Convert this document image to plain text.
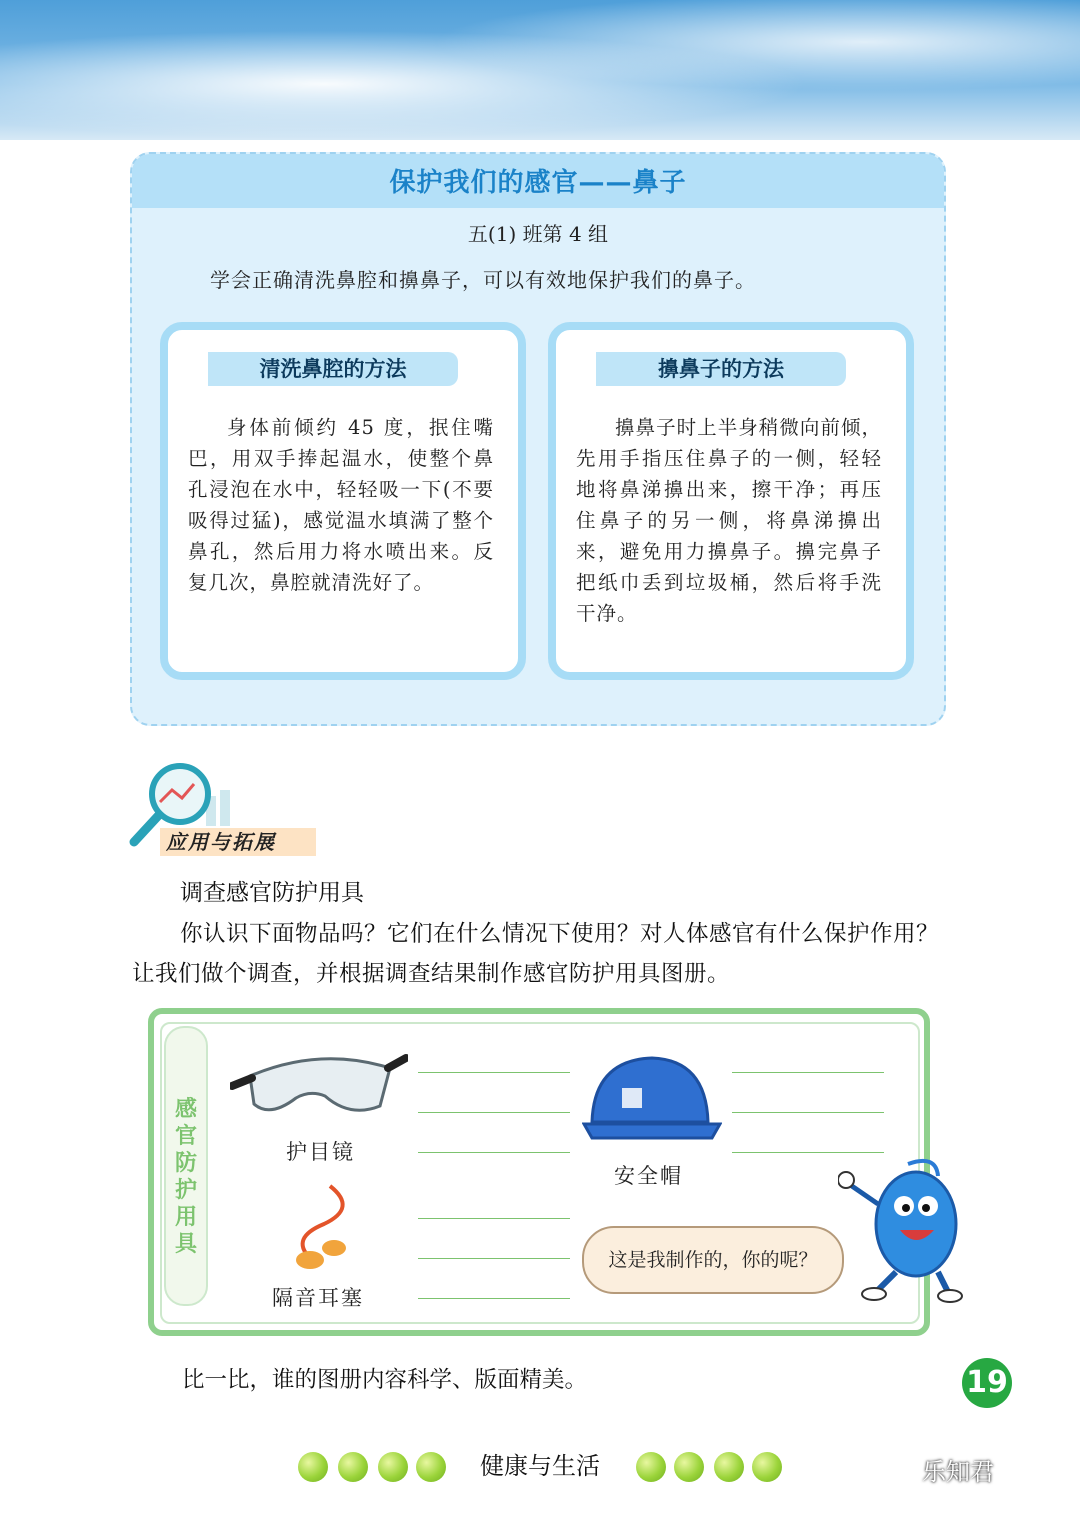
保护我们的感官——鼻子
五(1) 班第 4 组
学会正确清洗鼻腔和擤鼻子，可以有效地保护我们的鼻子。
清洗鼻腔的方法
身体前倾约 45 度，抿住嘴巴，用双手捧起温水，使整个鼻孔浸泡在水中，轻轻吸一下(不要吸得过猛)，感觉温水填满了整个鼻孔，然后用力将水喷出来。反复几次，鼻腔就清洗好了。
擤鼻子的方法
擤鼻子时上半身稍微向前倾，先用手指压住鼻子的一侧，轻轻地将鼻涕擤出来，擦干净；再压住鼻子的另一侧，将鼻涕擤出来，避免用力擤鼻子。擤完鼻子把纸巾丢到垃圾桶，然后将手洗干净。
应用与拓展
调查感官防护用具
你认识下面物品吗？它们在什么情况下使用？对人体感官有什么保护作用？让我们做个调查，并根据调查结果制作感官防护用具图册。
感官防护用具
护目镜
安全帽
隔音耳塞
这是我制作的，你的呢？
比一比，谁的图册内容科学、版面精美。	19
健康与生活	乐知君
